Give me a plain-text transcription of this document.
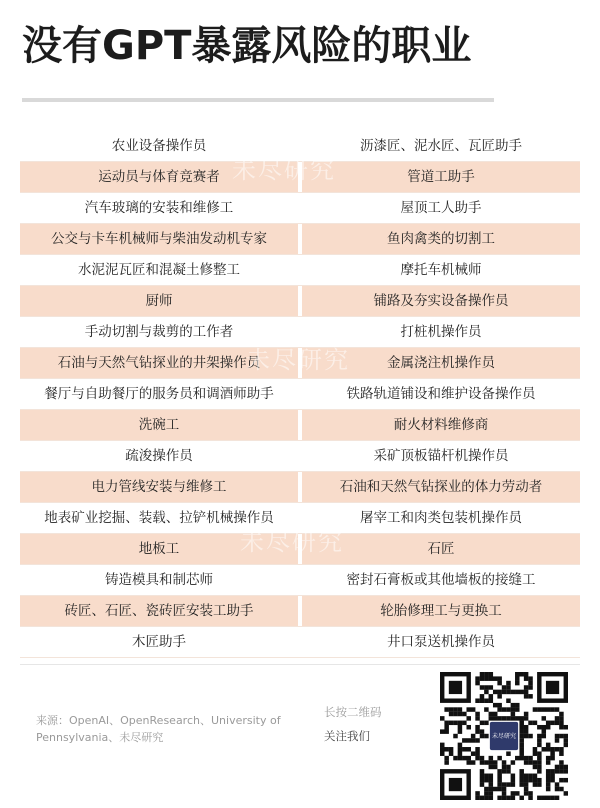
没有GPT暴露风险的职业
农业设备操作员	沥漆匠、泥水匠、瓦匠助手
运动员与体育竞赛者	管道工助手
汽车玻璃的安装和维修工	屋顶工人助手
公交与卡车机械师与柴油发动机专家	鱼肉禽类的切割工
水泥泥瓦匠和混凝土修整工	摩托车机械师
厨师	铺路及夯实设备操作员
手动切割与裁剪的工作者	打桩机操作员
石油与天然气钻探业的井架操作员	金属浇注机操作员
餐厅与自助餐厅的服务员和调酒师助手	铁路轨道铺设和维护设备操作员
洗碗工	耐火材料维修商
疏浚操作员	采矿顶板锚杆机操作员
电力管线安装与维修工	石油和天然气钻探业的体力劳动者
地表矿业挖掘、装载、拉铲机械操作员	屠宰工和肉类包装机操作员
地板工	石匠
铸造模具和制芯师	密封石膏板或其他墙板的接缝工
砖匠、石匠、瓷砖匠安装工助手	轮胎修理工与更换工
木匠助手	井口泵送机操作员
未尽研究
未尽研究
未尽研究

来源：OpenAI、OpenResearch、University of Pennsylvania、未尽研究

长按二维码
关注我们	未尽研究
